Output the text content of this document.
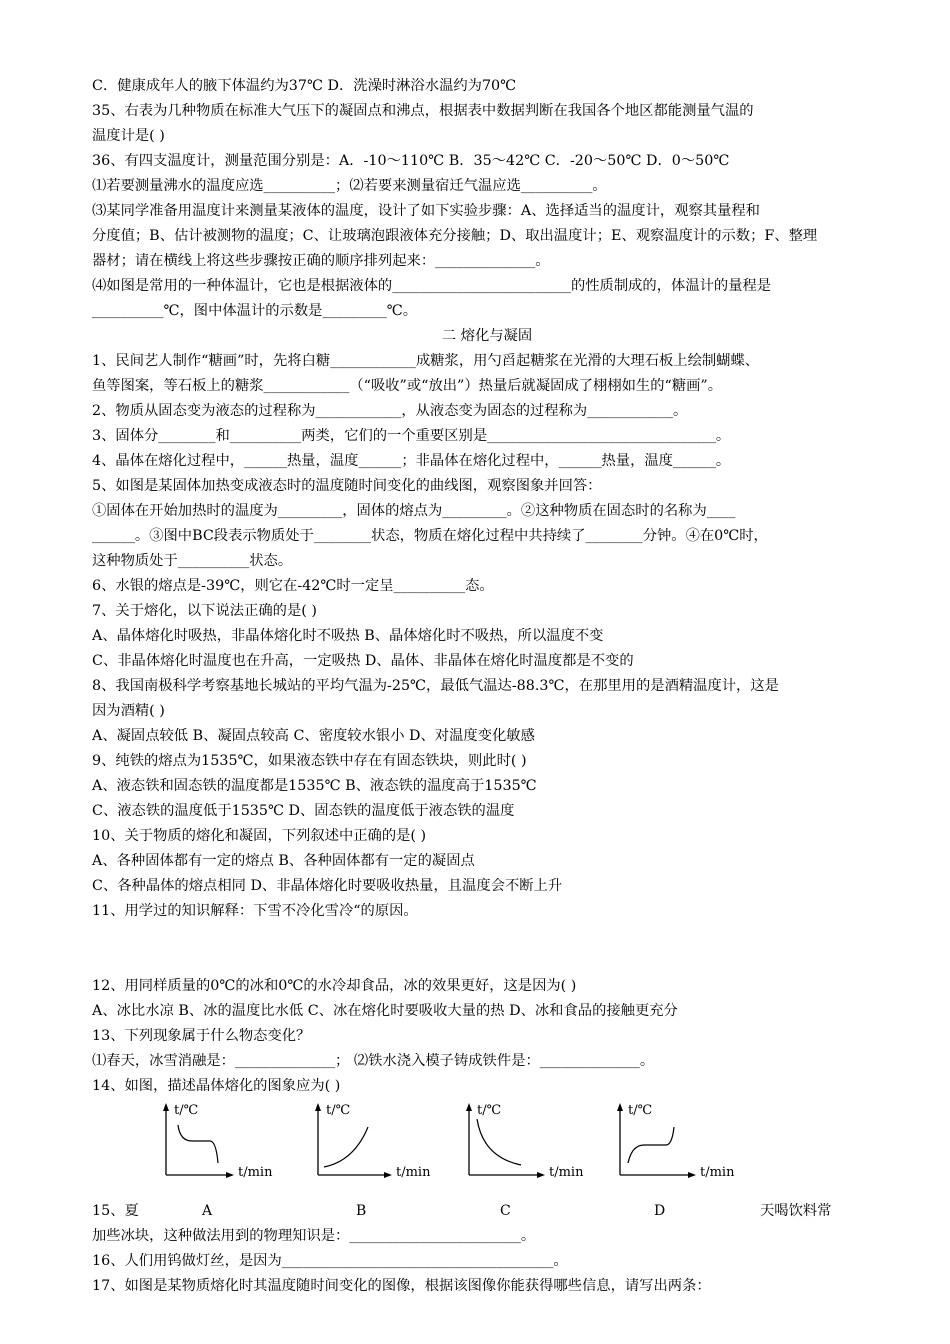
C．健康成年人的腋下体温约为37℃ D．洗澡时淋浴水温约为70℃
35、右表为几种物质在标准大气压下的凝固点和沸点，根据表中数据判断在我国各个地区都能测量气温的
温度计是( )
36、有四支温度计，测量范围分别是：A．-10～110℃ B．35～42℃ C．-20～50℃ D．0～50℃
⑴若要测量沸水的温度应选__________；⑵若要来测量宿迁气温应选__________。
⑶某同学准备用温度计来测量某液体的温度，设计了如下实验步骤：A、选择适当的温度计，观察其量程和
分度值；B、估计被测物的温度；C、让玻璃泡跟液体充分接触；D、取出温度计；E、观察温度计的示数；F、整理
器材；请在横线上将这些步骤按正确的顺序排列起来：______________。
⑷如图是常用的一种体温计，它也是根据液体的_________________________的性质制成的，体温计的量程是
__________℃，图中体温计的示数是_________℃。
二 熔化与凝固
1、民间艺人制作“糖画”时，先将白糖____________成糖浆，用勺舀起糖浆在光滑的大理石板上绘制蝴蝶、
鱼等图案，等石板上的糖浆____________（“吸收”或“放出”）热量后就凝固成了栩栩如生的“糖画”。
2、物质从固态变为液态的过程称为____________，从液态变为固态的过程称为____________。
3、固体分________和__________两类，它们的一个重要区别是________________________________。
4、晶体在熔化过程中，______热量，温度______；非晶体在熔化过程中，______热量，温度______。
5、如图是某固体加热变成液态时的温度随时间变化的曲线图，观察图象并回答：
①固体在开始加热时的温度为_________，固体的熔点为_________。②这种物质在固态时的名称为____
______。③图中BC段表示物质处于________状态，物质在熔化过程中共持续了________分钟。④在0℃时，
这种物质处于__________状态。
6、水银的熔点是-39℃，则它在-42℃时一定呈__________态。
7、关于熔化，以下说法正确的是( )
A、晶体熔化时吸热，非晶体熔化时不吸热 B、晶体熔化时不吸热，所以温度不变
C、非晶体熔化时温度也在升高，一定吸热 D、晶体、非晶体在熔化时温度都是不变的
8、我国南极科学考察基地长城站的平均气温为-25℃，最低气温达-88.3℃，在那里用的是酒精温度计，这是
因为酒精( )
A、凝固点较低 B、凝固点较高 C、密度较水银小 D、对温度变化敏感
9、纯铁的熔点为1535℃，如果液态铁中存在有固态铁块，则此时( )
A、液态铁和固态铁的温度都是1535℃ B、液态铁的温度高于1535℃
C、液态铁的温度低于1535℃ D、固态铁的温度低于液态铁的温度
10、关于物质的熔化和凝固，下列叙述中正确的是( )
A、各种固体都有一定的熔点 B、各种固体都有一定的凝固点
C、各种晶体的熔点相同 D、非晶体熔化时要吸收热量，且温度会不断上升
11、用学过的知识解释：下雪不冷化雪冷“的原因。
12、用同样质量的0℃的冰和0℃的水冷却食品，冰的效果更好，这是因为( )
A、冰比水凉 B、冰的温度比水低 C、冰在熔化时要吸收大量的热 D、冰和食品的接触更充分
13、下列现象属于什么物态变化？
⑴春天，冰雪消融是：______________； ⑵铁水浇入模子铸成铁件是：______________。
14、如图，描述晶体熔化的图象应为( )
t/℃
t/min
t/℃
t/min
t/℃
t/min
t/℃
t/min
15、夏	A	B	C	D	天喝饮料常
加些冰块，这种做法用到的物理知识是：________________________。
16、人们用钨做灯丝，是因为______________________________________。
17、如图是某物质熔化时其温度随时间变化的图像，根据该图像你能获得哪些信息，请写出两条：
